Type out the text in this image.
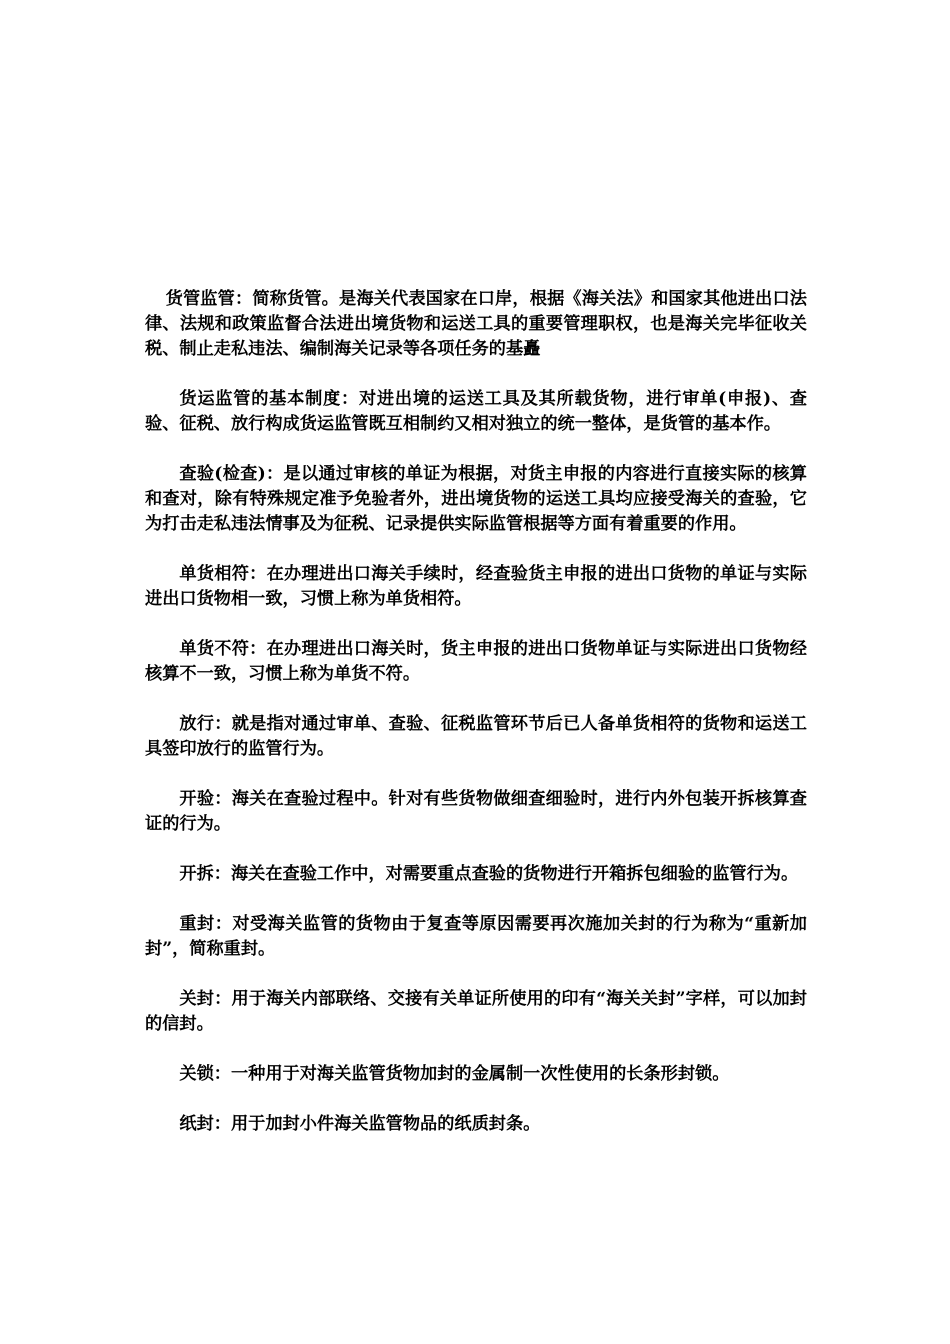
货管监管：简称货管。是海关代表国家在口岸，根据《海关法》和国家其他进出口法律、法规和政策监督合法进出境货物和运送工具的重要管理职权，也是海关完毕征收关税、制止走私违法、编制海关记录等各项任务的基矗

货运监管的基本制度：对进出境的运送工具及其所载货物，进行审单(申报)、查验、征税、放行构成货运监管既互相制约又相对独立的统一整体，是货管的基本作。

查验(检查)：是以通过审核的单证为根据，对货主申报的内容进行直接实际的核算和查对，除有特殊规定准予免验者外，进出境货物的运送工具均应接受海关的查验，它为打击走私违法情事及为征税、记录提供实际监管根据等方面有着重要的作用。

单货相符：在办理进出口海关手续时，经查验货主申报的进出口货物的单证与实际进出口货物相一致，习惯上称为单货相符。

单货不符：在办理进出口海关时，货主申报的进出口货物单证与实际进出口货物经核算不一致，习惯上称为单货不符。

放行：就是指对通过审单、查验、征税监管环节后已人备单货相符的货物和运送工具签印放行的监管行为。

开验：海关在查验过程中。针对有些货物做细查细验时，进行内外包装开拆核算查证的行为。

开拆：海关在查验工作中，对需要重点查验的货物进行开箱拆包细验的监管行为。

重封：对受海关监管的货物由于复查等原因需要再次施加关封的行为称为“重新加封”，简称重封。

关封：用于海关内部联络、交接有关单证所使用的印有“海关关封”字样，可以加封的信封。

关锁：一种用于对海关监管货物加封的金属制一次性使用的长条形封锁。

纸封：用于加封小件海关监管物品的纸质封条。
